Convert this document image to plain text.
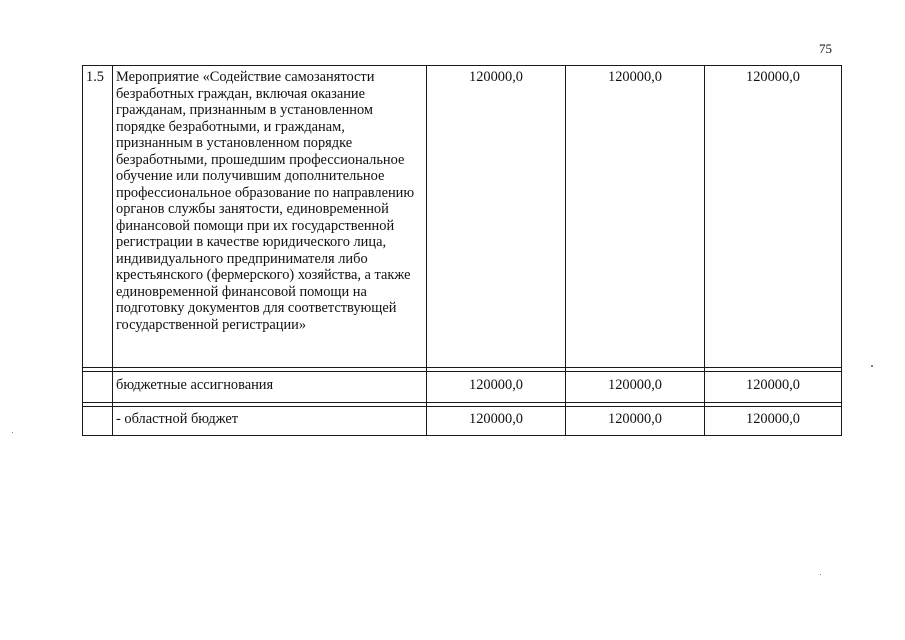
75
1.5	Мероприятие «Содействие самозанятости безработных граждан, включая оказание гражданам, признанным в установленном порядке безработными, и гражданам, признанным в установленном порядке безработными, прошедшим профессиональное обучение или получившим дополнительное профессиональное образование по направлению органов службы занятости, единовременной финансовой помощи при их государственной регистрации в качестве юридического лица, индивидуального предпринимателя либо крестьянского (фермерского) хозяйства, а также единовременной финансовой помощи на подготовку документов для соответствующей государственной регистрации»	120000,0	120000,0	120000,0

	бюджетные ассигнования	120000,0	120000,0	120000,0

	- областной бюджет	120000,0	120000,0	120000,0
